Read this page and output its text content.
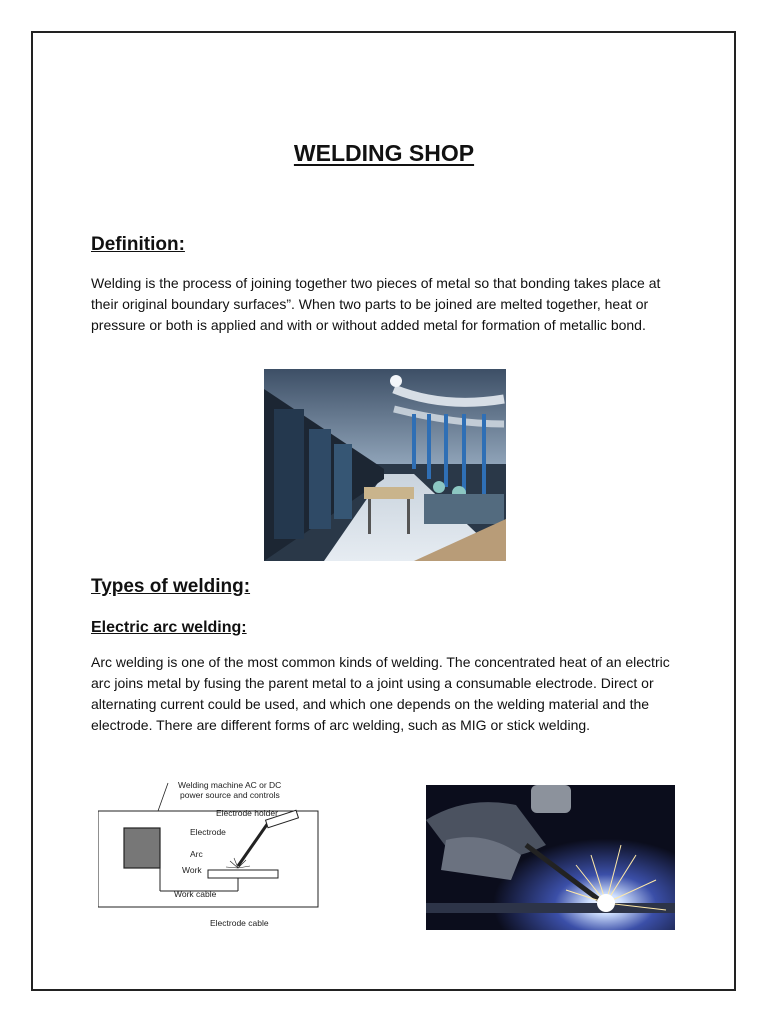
WELDING SHOP
Definition:

Welding is the process of joining together two pieces of metal so that bonding takes place at their original boundary surfaces”. When two parts to be joined are melted together, heat or pressure or both is applied and with or without added metal for formation of metallic bond.

Types of welding:
Electric arc welding:

Arc welding is one of the most common kinds of welding. The concentrated heat of an electric arc joins metal by fusing the parent metal to a joint using a consumable electrode. Direct or alternating current could be used, and which one depends on the welding material and the electrode. There are different forms of arc welding, such as MIG or stick welding.

Welding machine AC or DC
power source and controls
Electrode holder
Electrode
Arc
Work
Work cable
Electrode cable
